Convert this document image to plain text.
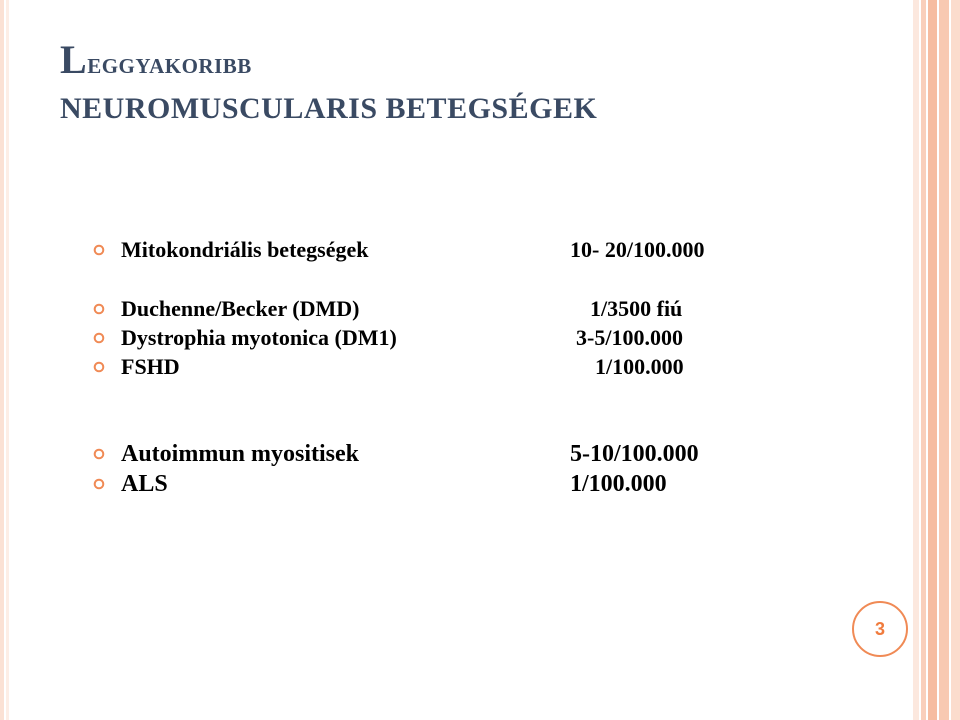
Leggyakoribb
NEUROMUSCULARIS BETEGSÉGEK
Mitokondriális betegségek	10- 20/100.000
Duchenne/Becker (DMD)	1/3500 fiú
Dystrophia myotonica (DM1)	3-5/100.000
FSHD	1/100.000
Autoimmun myositisek	5-10/100.000
ALS	1/100.000
3
